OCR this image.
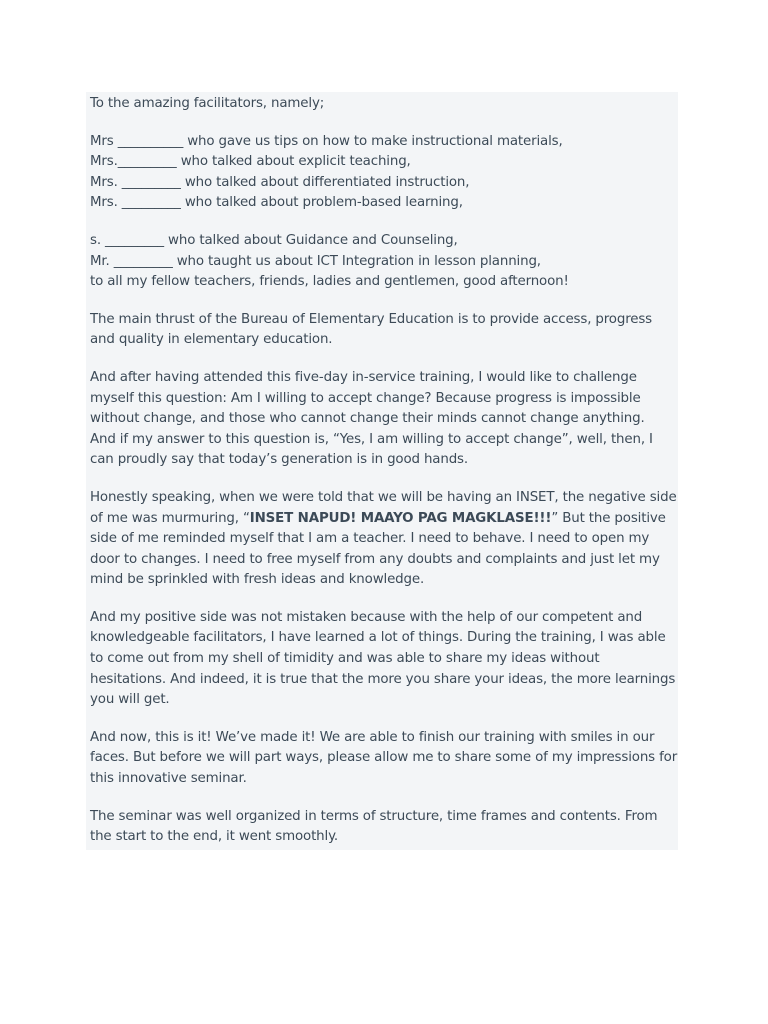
To the amazing facilitators, namely;

Mrs __________ who gave us tips on how to make instructional materials,
Mrs._________ who talked about explicit teaching,
Mrs. _________ who talked about differentiated instruction,
Mrs. _________ who talked about problem-based learning,

s. _________ who talked about Guidance and Counseling,
Mr. _________ who taught us about ICT Integration in lesson planning,
to all my fellow teachers, friends, ladies and gentlemen, good afternoon!

The main thrust of the Bureau of Elementary Education is to provide access, progress
and quality in elementary education.

And after having attended this five-day in-service training, I would like to challenge
myself this question: Am I willing to accept change? Because progress is impossible
without change, and those who cannot change their minds cannot change anything.
And if my answer to this question is, “Yes, I am willing to accept change”, well, then, I
can proudly say that today’s generation is in good hands.

Honestly speaking, when we were told that we will be having an INSET, the negative side
of me was murmuring, “INSET NAPUD! MAAYO PAG MAGKLASE!!!” But the positive
side of me reminded myself that I am a teacher. I need to behave. I need to open my
door to changes. I need to free myself from any doubts and complaints and just let my
mind be sprinkled with fresh ideas and knowledge.

And my positive side was not mistaken because with the help of our competent and
knowledgeable facilitators, I have learned a lot of things. During the training, I was able
to come out from my shell of timidity and was able to share my ideas without
hesitations. And indeed, it is true that the more you share your ideas, the more learnings
you will get.

And now, this is it! We’ve made it! We are able to finish our training with smiles in our
faces. But before we will part ways, please allow me to share some of my impressions for
this innovative seminar.

The seminar was well organized in terms of structure, time frames and contents. From
the start to the end, it went smoothly.
